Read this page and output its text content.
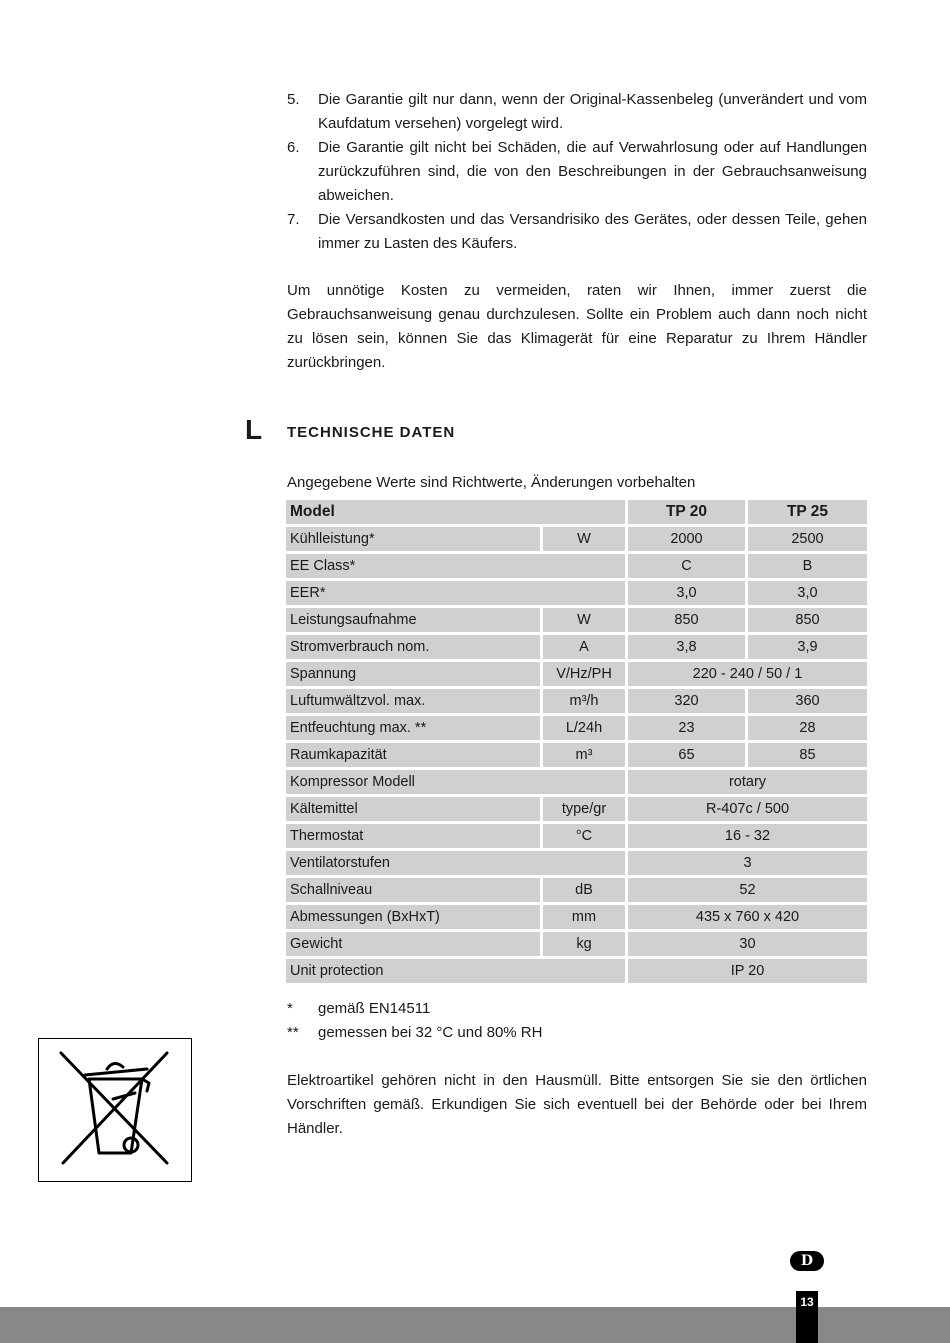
5.	Die Garantie gilt nur dann, wenn der Original-Kassenbeleg (unverändert und vom Kaufdatum versehen) vorgelegt wird.
6.	Die Garantie gilt nicht bei Schäden, die auf Verwahrlosung oder auf Handlungen zurückzuführen sind, die von den Beschreibungen in der Gebrauchsanweisung abweichen.
7.	Die Versandkosten und das Versandrisiko des Gerätes, oder dessen Teile, gehen immer zu Lasten des Käufers.

Um unnötige Kosten zu vermeiden, raten wir Ihnen, immer zuerst die Gebrauchsanweisung genau durchzulesen. Sollte ein Problem auch dann noch nicht zu lösen sein, können Sie das Klimagerät für eine Reparatur zu Ihrem Händler zurückbringen.

L TECHNISCHE DATEN
Angegebene Werte sind Richtwerte, Änderungen vorbehalten
Model		TP 20	TP 25
Kühlleistung*	W	2000	2500
EE Class*		C	B
EER*		3,0	3,0
Leistungsaufnahme	W	850	850
Stromverbrauch nom.	A	3,8	3,9
Spannung	V/Hz/PH	220 - 240 / 50 / 1	
Luftumwältzvol. max.	m³/h	320	360
Entfeuchtung max. **	L/24h	23	28
Raumkapazität	m³	65	85
Kompressor Modell		rotary	
Kältemittel	type/gr	R-407c / 500	
Thermostat	°C	16 - 32	
Ventilatorstufen		3	
Schallniveau	dB	52	
Abmessungen (BxHxT)	mm	435 x 760 x 420	
Gewicht	kg	30	
Unit protection		IP 20	
*	gemäß EN14511
**	gemessen bei 32 °C und 80% RH

Elektroartikel gehören nicht in den Hausmüll. Bitte entsorgen Sie sie den örtlichen Vorschriften gemäß. Erkundigen Sie sich eventuell bei der Behörde oder bei Ihrem Händler.

D
13
